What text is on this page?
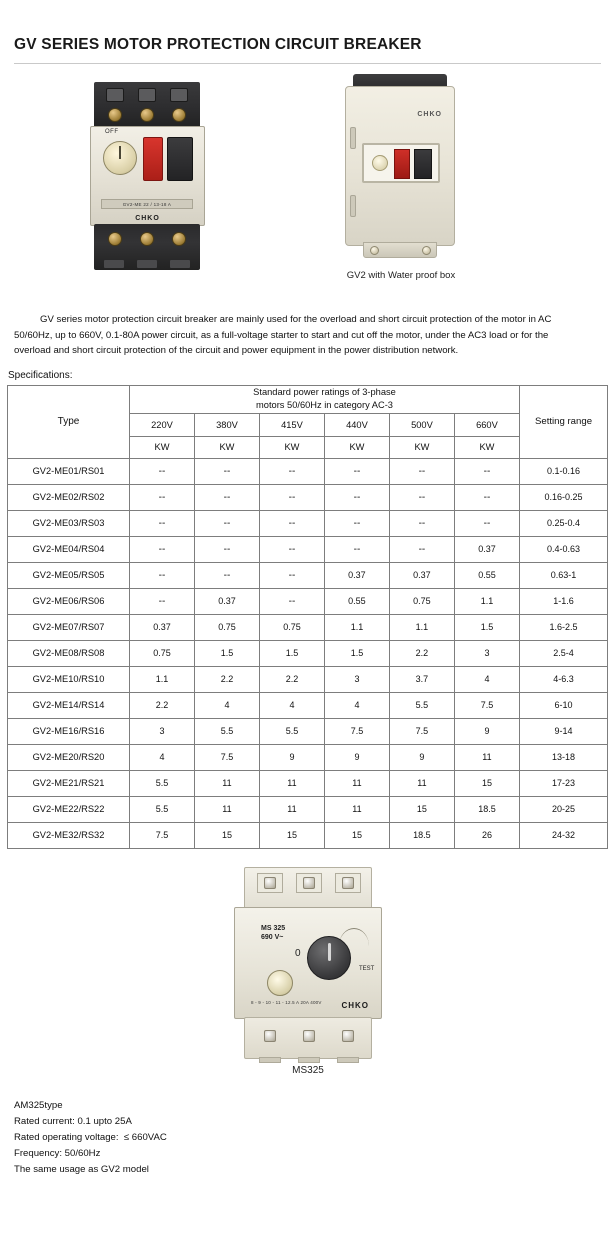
GV SERIES MOTOR PROTECTION CIRCUIT BREAKER
OFF
GV2-ME 22 / 13-18 A
CHKO
CHKO
GV2 with Water proof box
GV series motor protection circuit breaker are mainly used for the overload and short circuit protection of the motor in AC
50/60Hz, up to 660V, 0.1-80A power circuit, as a full-voltage starter to start and cut off the motor, under the AC3 load or for the
overload and short circuit protection of the circuit and power equipment in the power distribution network.
Specifications:
Type	Standard power ratings of 3-phase
motors 50/60Hz in category AC-3						Setting range
	220V	380V	415V	440V	500V	660V	
	KW	KW	KW	KW	KW	KW	
GV2-ME01/RS01	--	--	--	--	--	--	0.1-0.16
GV2-ME02/RS02	--	--	--	--	--	--	0.16-0.25
GV2-ME03/RS03	--	--	--	--	--	--	0.25-0.4
GV2-ME04/RS04	--	--	--	--	--	0.37	0.4-0.63
GV2-ME05/RS05	--	--	--	0.37	0.37	0.55	0.63-1
GV2-ME06/RS06	--	0.37	--	0.55	0.75	1.1	1-1.6
GV2-ME07/RS07	0.37	0.75	0.75	1.1	1.1	1.5	1.6-2.5
GV2-ME08/RS08	0.75	1.5	1.5	1.5	2.2	3	2.5-4
GV2-ME10/RS10	1.1	2.2	2.2	3	3.7	4	4-6.3
GV2-ME14/RS14	2.2	4	4	4	5.5	7.5	6-10
GV2-ME16/RS16	3	5.5	5.5	7.5	7.5	9	9-14
GV2-ME20/RS20	4	7.5	9	9	9	11	13-18
GV2-ME21/RS21	5.5	11	11	11	11	15	17-23
GV2-ME22/RS22	5.5	11	11	11	15	18.5	20-25
GV2-ME32/RS32	7.5	15	15	15	18.5	26	24-32
MS 325
690 V~
0
TEST
8 - 9 - 10 - 11 - 12.5 A 20A 400V CHKO
MS325
AM325type
Rated current: 0.1 upto 25A
Rated operating voltage:  ≤ 660VAC
Frequency: 50/60Hz
The same usage as GV2 model
